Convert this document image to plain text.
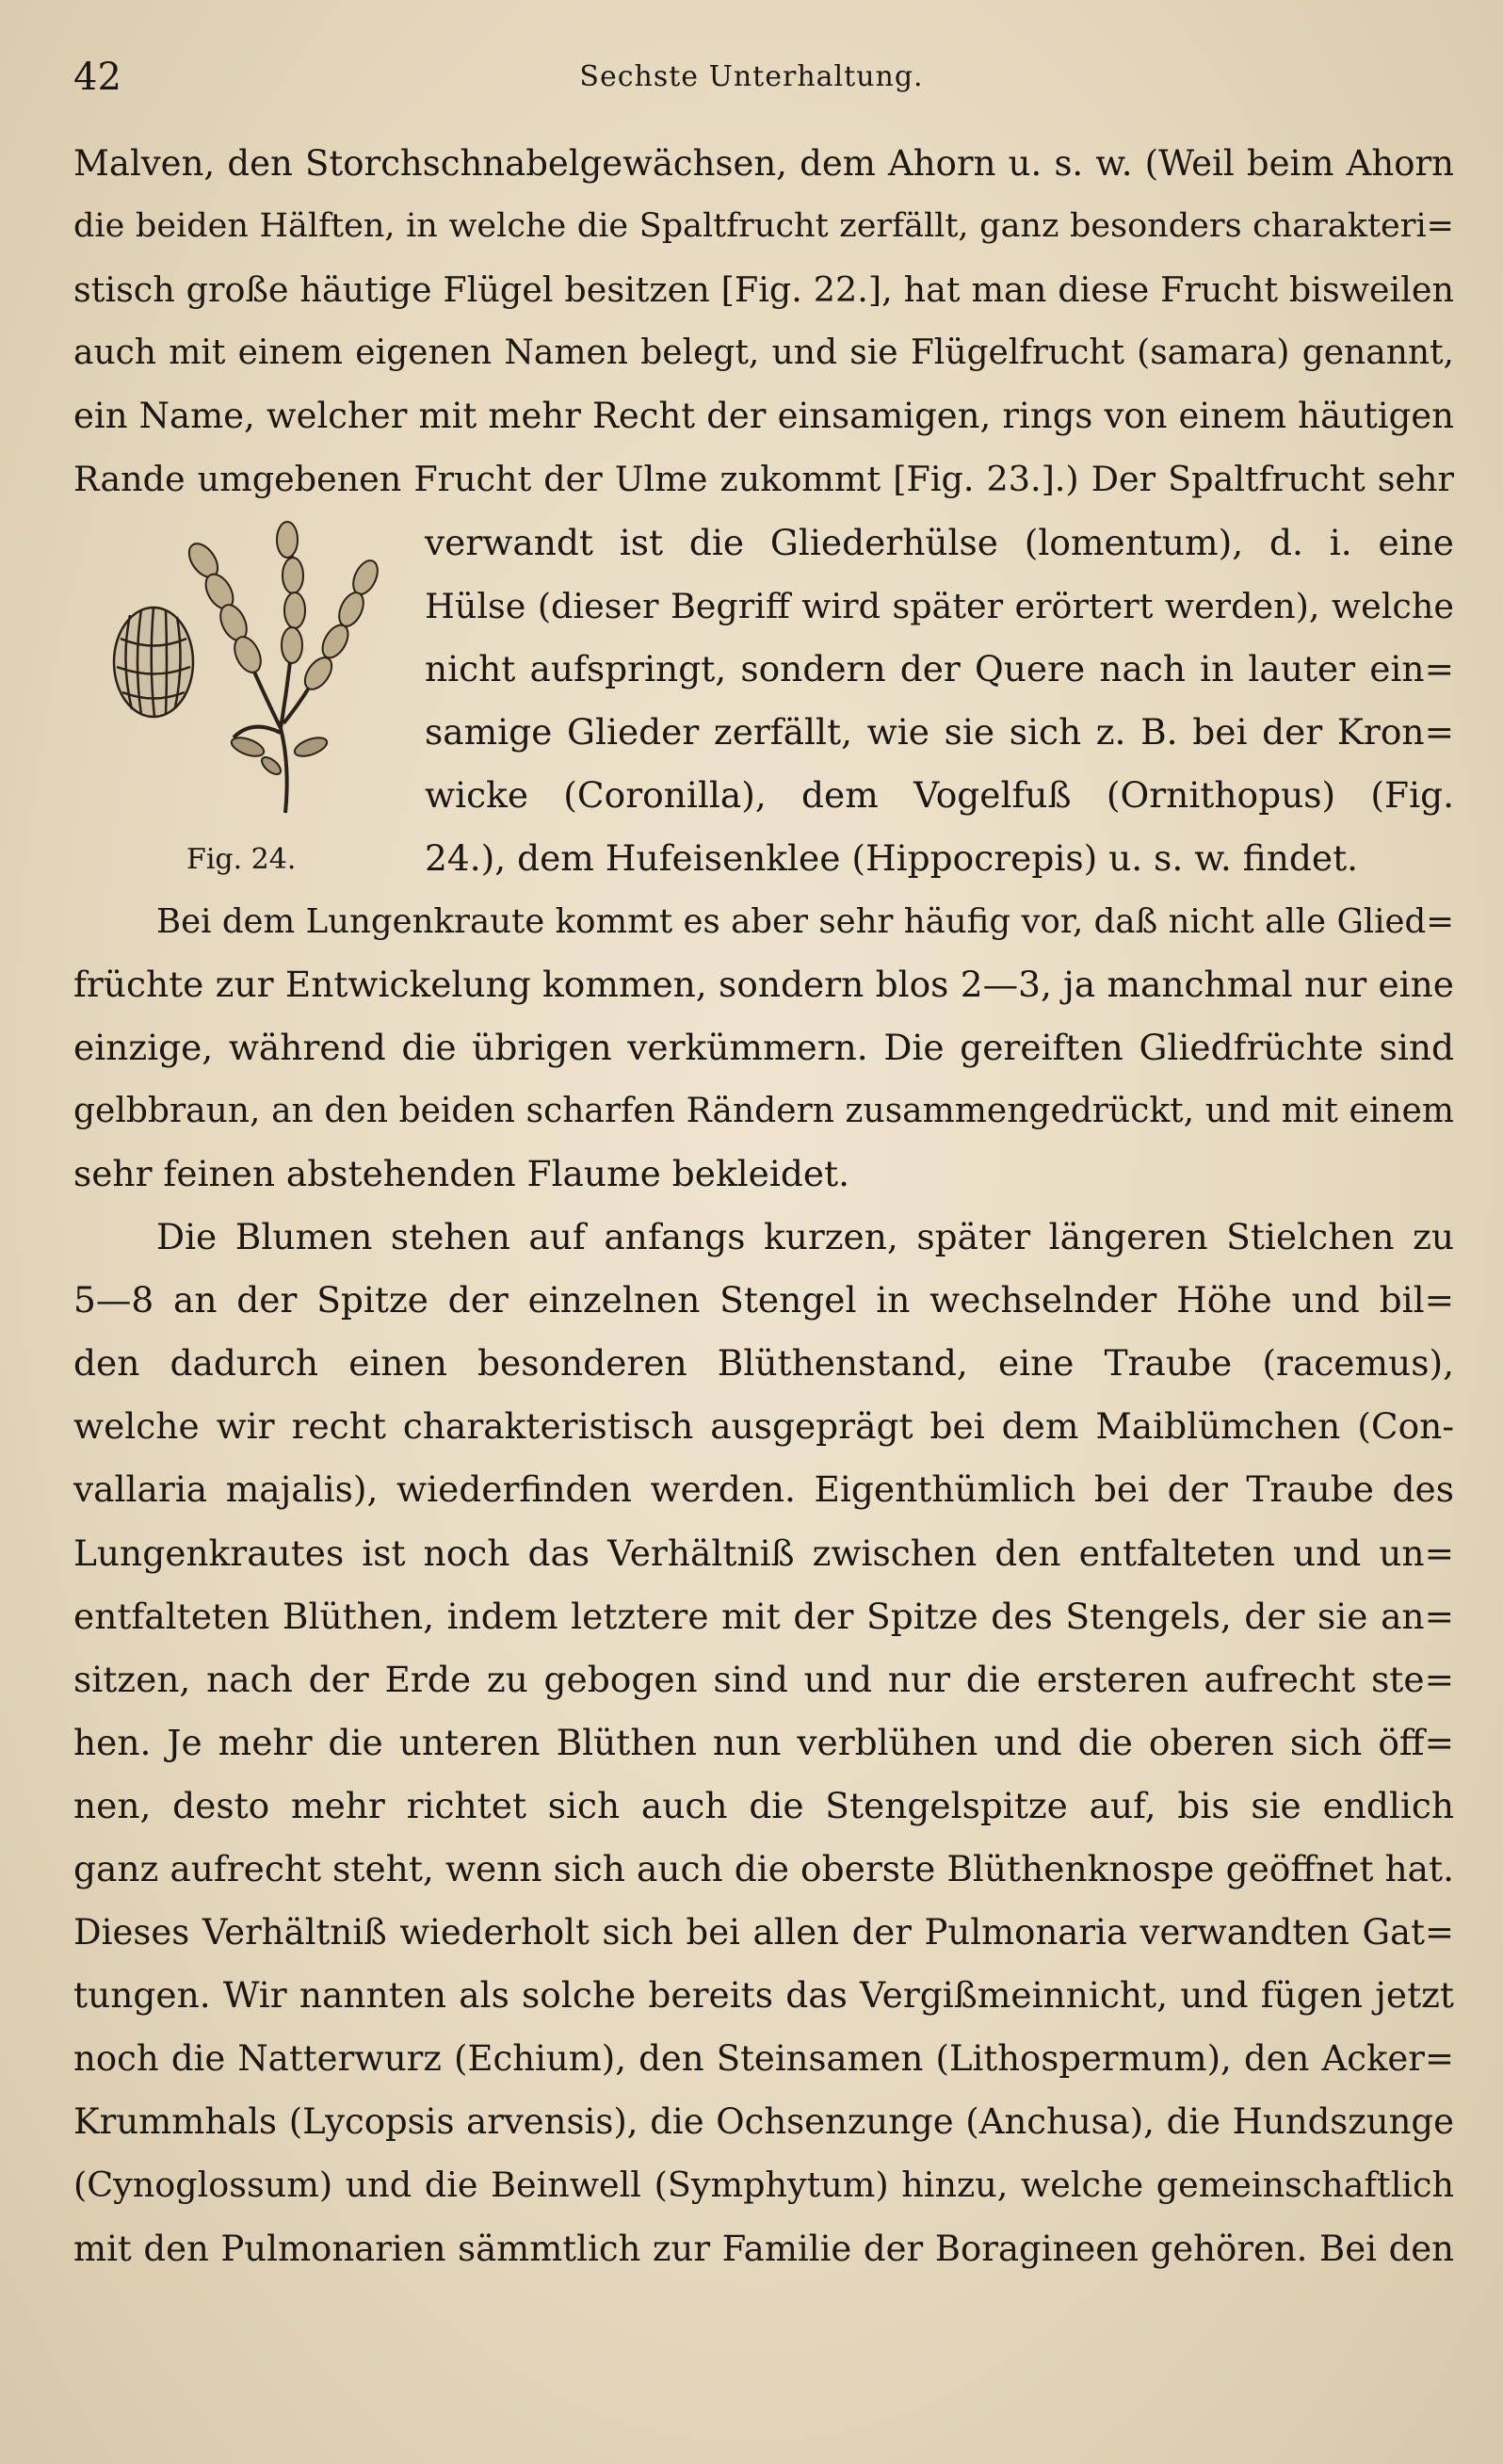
42	Sechste Unterhaltung.

Malven, den Storchschnabelgewächsen, dem Ahorn u. s. w. (Weil beim Ahorn
die beiden Hälften, in welche die Spaltfrucht zerfällt, ganz besonders charakteri=
stisch große häutige Flügel besitzen [Fig. 22.], hat man diese Frucht bisweilen
auch mit einem eigenen Namen belegt, und sie Flügelfrucht (samara) genannt,
ein Name, welcher mit mehr Recht der einsamigen, rings von einem häutigen
Rande umgebenen Frucht der Ulme zukommt [Fig. 23.].) Der Spaltfrucht sehr

Fig. 24.
verwandt ist die Gliederhülse (lomentum), d. i. eine
Hülse (dieser Begriff wird später erörtert werden), welche
nicht aufspringt, sondern der Quere nach in lauter ein=
samige Glieder zerfällt, wie sie sich z. B. bei der Kron=
wicke (Coronilla), dem Vogelfuß (Ornithopus) (Fig.
24.), dem Hufeisenklee (Hippocrepis) u. s. w. findet.

Bei dem Lungenkraute kommt es aber sehr häufig vor, daß nicht alle Glied=
früchte zur Entwickelung kommen, sondern blos 2—3, ja manchmal nur eine
einzige, während die übrigen verkümmern. Die gereiften Gliedfrüchte sind
gelbbraun, an den beiden scharfen Rändern zusammengedrückt, und mit einem
sehr feinen abstehenden Flaume bekleidet.

Die Blumen stehen auf anfangs kurzen, später längeren Stielchen zu
5—8 an der Spitze der einzelnen Stengel in wechselnder Höhe und bil=
den dadurch einen besonderen Blüthenstand, eine Traube (racemus),
welche wir recht charakteristisch ausgeprägt bei dem Maiblümchen (Con-
vallaria majalis), wiederfinden werden. Eigenthümlich bei der Traube des
Lungenkrautes ist noch das Verhältniß zwischen den entfalteten und un=
entfalteten Blüthen, indem letztere mit der Spitze des Stengels, der sie an=
sitzen, nach der Erde zu gebogen sind und nur die ersteren aufrecht ste=
hen. Je mehr die unteren Blüthen nun verblühen und die oberen sich öff=
nen, desto mehr richtet sich auch die Stengelspitze auf, bis sie endlich
ganz aufrecht steht, wenn sich auch die oberste Blüthenknospe geöffnet hat.
Dieses Verhältniß wiederholt sich bei allen der Pulmonaria verwandten Gat=
tungen. Wir nannten als solche bereits das Vergißmeinnicht, und fügen jetzt
noch die Natterwurz (Echium), den Steinsamen (Lithospermum), den Acker=
Krummhals (Lycopsis arvensis), die Ochsenzunge (Anchusa), die Hundszunge
(Cynoglossum) und die Beinwell (Symphytum) hinzu, welche gemeinschaftlich
mit den Pulmonarien sämmtlich zur Familie der Boragineen gehören. Bei den
